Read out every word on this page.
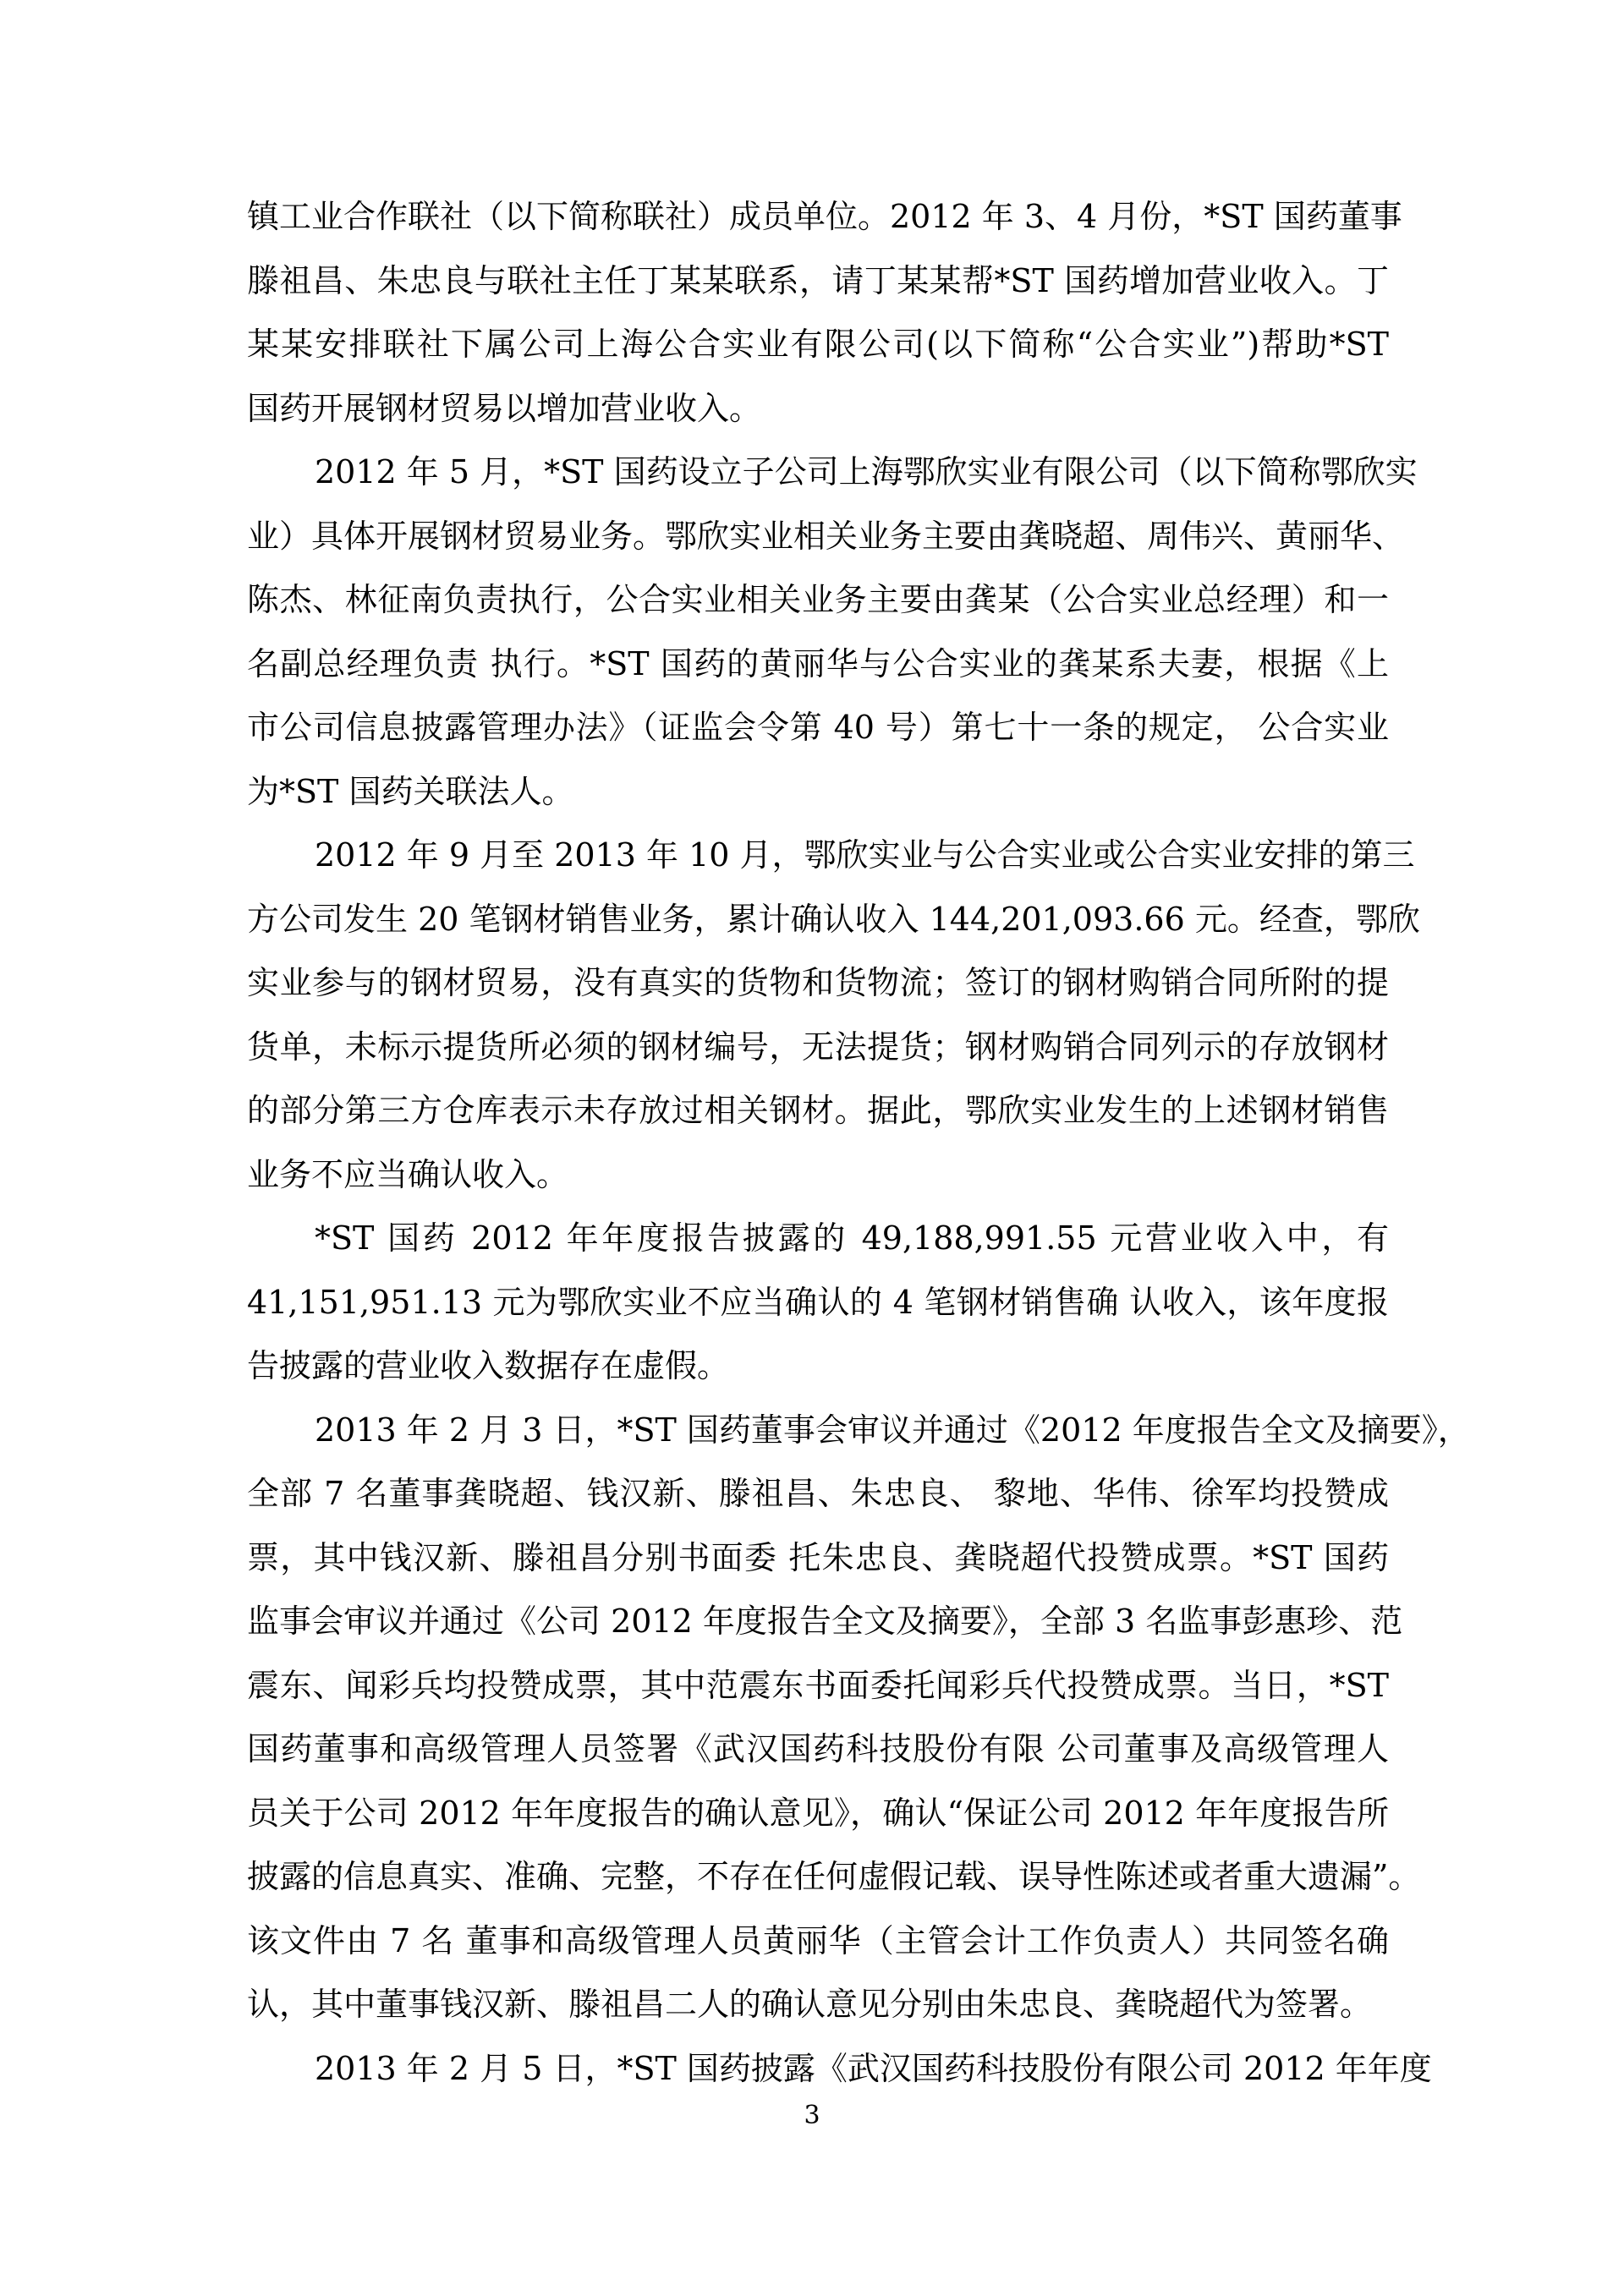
镇工业合作联社（以下简称联社）成员单位。2012 年 3、4 月份，*ST 国药董事
滕祖昌、朱忠良与联社主任丁某某联系，请丁某某帮*ST 国药增加营业收入。丁
某某安排联社下属公司上海公合实业有限公司(以下简称“公合实业”)帮助*ST
国药开展钢材贸易以增加营业收入。
2012 年 5 月，*ST 国药设立子公司上海鄂欣实业有限公司（以下简称鄂欣实
业）具体开展钢材贸易业务。鄂欣实业相关业务主要由龚晓超、周伟兴、黄丽华、
陈杰、林征南负责执行，公合实业相关业务主要由龚某（公合实业总经理）和一
名副总经理负责 执行。*ST 国药的黄丽华与公合实业的龚某系夫妻，根据《上
市公司信息披露管理办法》（证监会令第 40 号）第七十一条的规定， 公合实业
为*ST 国药关联法人。
2012 年 9 月至 2013 年 10 月，鄂欣实业与公合实业或公合实业安排的第三
方公司发生 20 笔钢材销售业务，累计确认收入 144,201,093.66 元。经查，鄂欣
实业参与的钢材贸易，没有真实的货物和货物流；签订的钢材购销合同所附的提
货单，未标示提货所必须的钢材编号，无法提货；钢材购销合同列示的存放钢材
的部分第三方仓库表示未存放过相关钢材。据此，鄂欣实业发生的上述钢材销售
业务不应当确认收入。
*ST 国药 2012 年年度报告披露的 49,188,991.55 元营业收入中，有
41,151,951.13 元为鄂欣实业不应当确认的 4 笔钢材销售确 认收入，该年度报
告披露的营业收入数据存在虚假。
2013 年 2 月 3 日，*ST 国药董事会审议并通过《2012 年度报告全文及摘要》，
全部 7 名董事龚晓超、钱汉新、滕祖昌、朱忠良、 黎地、华伟、徐军均投赞成
票，其中钱汉新、滕祖昌分别书面委 托朱忠良、龚晓超代投赞成票。*ST 国药
监事会审议并通过《公司 2012 年度报告全文及摘要》，全部 3 名监事彭惠珍、范
震东、闻彩兵均投赞成票，其中范震东书面委托闻彩兵代投赞成票。当日，*ST
国药董事和高级管理人员签署《武汉国药科技股份有限 公司董事及高级管理人
员关于公司 2012 年年度报告的确认意见》，确认“保证公司 2012 年年度报告所
披露的信息真实、准确、完整，不存在任何虚假记载、误导性陈述或者重大遗漏”。
该文件由 7 名 董事和高级管理人员黄丽华（主管会计工作负责人）共同签名确
认，其中董事钱汉新、滕祖昌二人的确认意见分别由朱忠良、龚晓超代为签署。
2013 年 2 月 5 日，*ST 国药披露《武汉国药科技股份有限公司 2012 年年度
3
